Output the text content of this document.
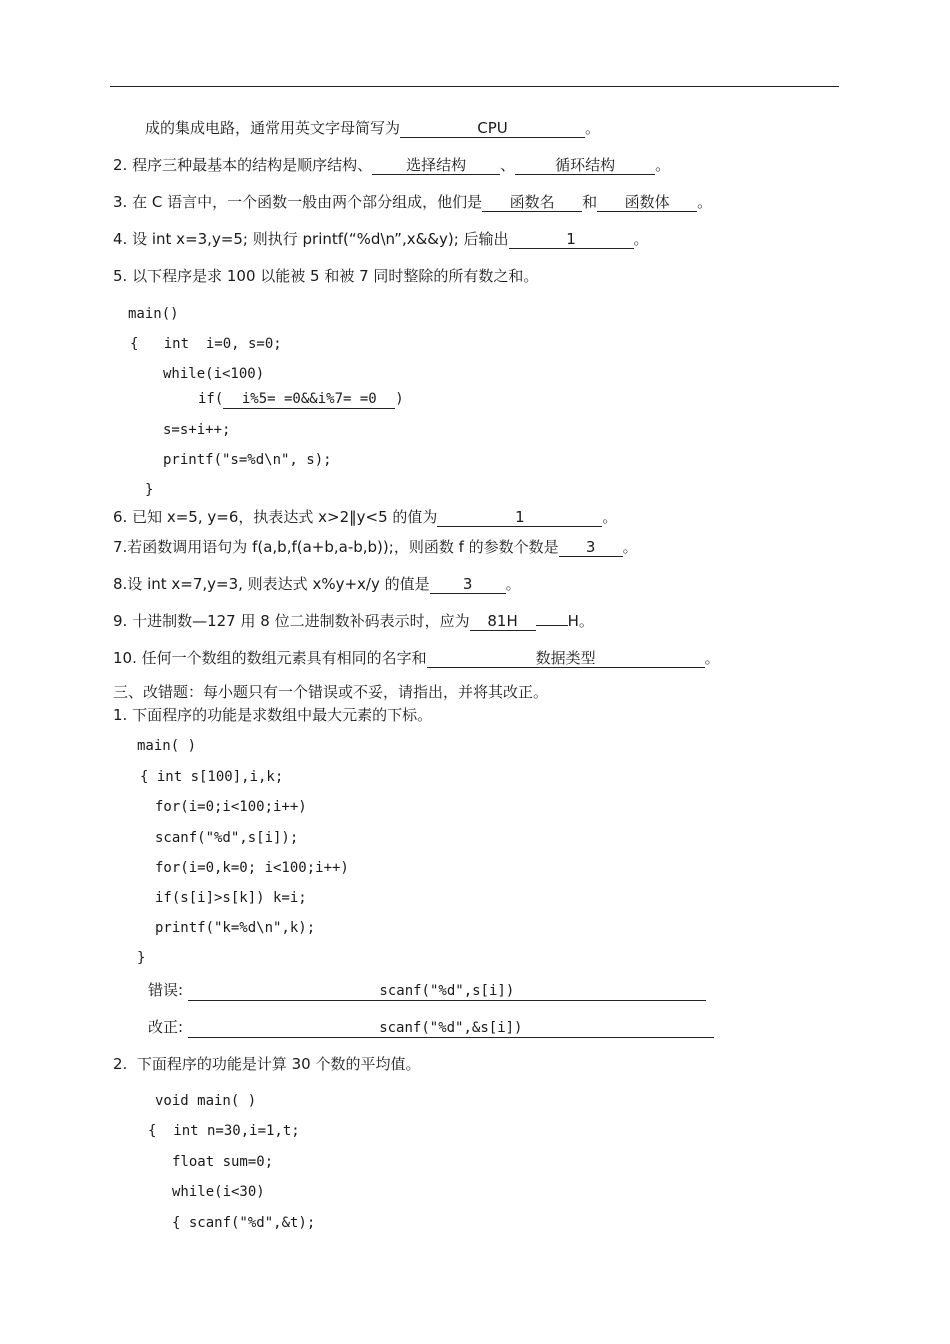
成的集成电路，通常用英文字母简写为	CPU	。
2. 程序三种最基本的结构是顺序结构、 选择结构 、	循环结构	。
3. 在 C 语言中，一个函数一般由两个部分组成，他们是 函数名 和 函数体 。
4. 设 int x=3,y=5; 则执行 printf(“%d\n”,x&&y); 后输出	1	。
5. 以下程序是求 100 以能被 5 和被 7 同时整除的所有数之和。
main()
{   int  i=0, s=0;
while(i<100)
if( i%5= =0&&i%7= =0 )
s=s+i++;
printf("s=%d\n", s);
}
6. 已知 x=5, y=6，执表达式 x>2‖y<5 的值为	1	。
7.若函数调用语句为 f(a,b,f(a+b,a-b,b));，则函数 f 的参数个数是 3 。
8.设 int x=7,y=3, 则表达式 x%y+x/y 的值是 3 。
9. 十进制数—127 用 8 位二进制数补码表示时，应为 81H	H。
10. 任何一个数组的数组元素具有相同的名字和	数据类型	。
三、改错题：每小题只有一个错误或不妥，请指出，并将其改正。
1. 下面程序的功能是求数组中最大元素的下标。
main( )
{ int s[100],i,k;
for(i=0;i<100;i++)
scanf("%d",s[i]);
for(i=0,k=0; i<100;i++)
if(s[i]>s[k]) k=i;
printf("k=%d\n",k);
}
错误:	scanf("%d",s[i])
改正:	scanf("%d",&s[i])
2. 下面程序的功能是计算 30 个数的平均值。
void main( )
{  int n=30,i=1,t;
float sum=0;
while(i<30)
{ scanf("%d",&t);
